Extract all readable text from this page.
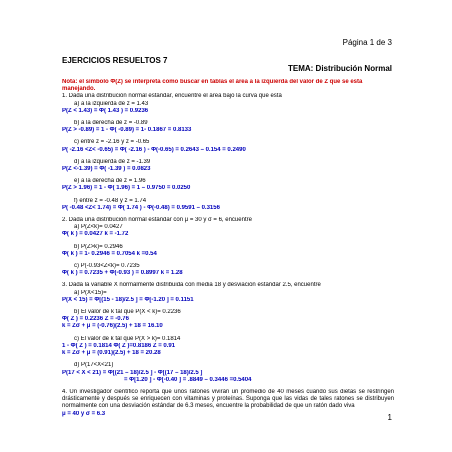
Página 1 de 3
EJERCICIOS RESUELTOS 7
TEMA: Distribución Normal
Nota: el símbolo Φ(Z) se interpreta como buscar en tablas el área a la izquierda del valor de Z que se esta manejando.
1. Dada una distribución normal estándar, encuentre el área bajo la curva que está
a) a la izquierda de z = 1.43
P(Z < 1.43) = Φ( 1.43 ) = 0.9236
b) a la derecha de z = -0.89
P(Z > -0.89) = 1 - Φ( -0.89) = 1- 0.1867 = 0.8133
c) entre z = -2.16 y z = -0.65
P( -2.16 <Z< -0.65) = Φ( -2.16 ) - Φ(-0.65) = 0.2643 – 0.154 = 0.2490
d) a la izquierda de z = -1.39
P(Z <-1.39) = Φ( -1.39 ) = 0.0823
e) a la derecha de z = 1.96
P(Z > 1.96) = 1 - Φ( 1.96) = 1 – 0.9750 = 0.0250
f) entre z = -0.48 y z = 1.74
P( -0.48 <Z< 1.74) = Φ( 1.74 ) - Φ(-0.48) = 0.9591 – 0.3156
2. Dada una distribución normal estándar con μ = 30 y σ = 6, encuentre
a) P(Z<k)= 0.0427
Φ( k ) = 0.0427 k = -1.72
b) P(Z>k)= 0.2946
Φ( k ) = 1- 0.2946 = 0.7054 k =0.54
c) P(-0.93<Z<k)= 0.7235
Φ( k ) = 0.7235 + Φ(-0.93 ) = 0.8997 k = 1.28
3. Dada la variable X normalmente distribuida con media 18 y desviación estándar 2.5, encuentre
a) P(X<15)=
P(X < 15) = Φ[(15 - 18)/2.5 ] = Φ[-1.20 ] = 0.1151
b) El valor de k tal que P(X < k)= 0.2236
Φ( Z ) = 0.2236 Z = -0.76
k = Zσ + μ = (-0.76)(2.5) + 18 = 16.10
c) El valor de k tal que P(X > k)= 0.1814
1 - Φ( Z ) = 0.1814 Φ( Z )=0.8186 Z = 0.91
k = Zσ + μ = (0.91)(2.5) + 18 = 20.28
d) P(17<X<21)
P(17 < X < 21) = Φ[(21 – 18)/2.5 ] - Φ[(17 – 18)/2.5 ]
= Φ[1.20 ] - Φ[-0.40 ] = .8849 – 0.3446 =0.5404
4. Un investigador científico reporta que unos ratones vivirán un promedio de 40 meses cuando sus dietas se restringen drásticamente y después se enriquecen con vitaminas y proteínas. Suponga que las vidas de tales ratones se distribuyen normalmente con una desviación estándar de 6.3 meses, encuentre la probabilidad de que un ratón dado viva
μ = 40 y σ = 6.3	1
